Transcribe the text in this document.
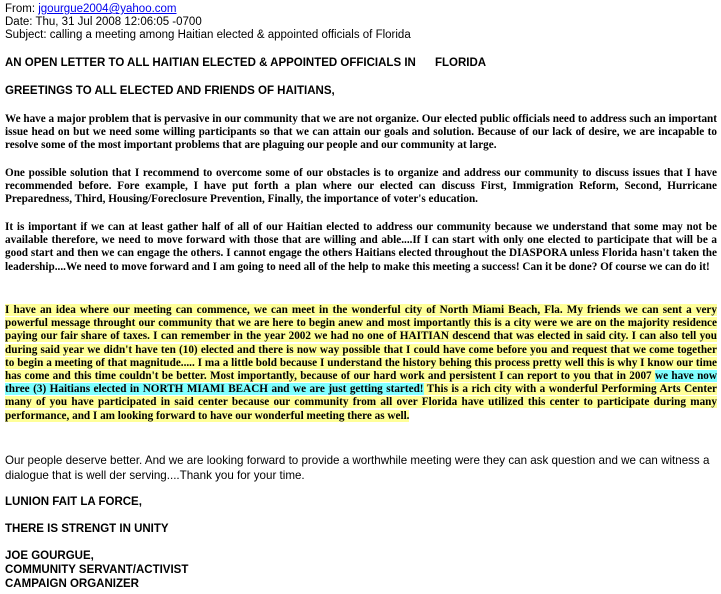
From: jgourgue2004@yahoo.com
Date: Thu, 31 Jul 2008 12:06:05 -0700
Subject: calling a meeting among Haitian elected & appointed officials of Florida
AN OPEN LETTER TO ALL HAITIAN ELECTED & APPOINTED OFFICIALS IN      FLORIDA
GREETINGS TO ALL ELECTED AND FRIENDS OF HAITIANS,
We have a major problem that is pervasive in our community that we are not organize. Our elected public officials need to address such an important issue head on but we need some willing participants so that we can attain our goals and solution. Because of our lack of desire, we are incapable to resolve some of the most important problems that are plaguing our people and our community at large.
One possible solution that I recommend to overcome some of our obstacles is to organize and address our community to discuss issues that I have recommended before. Fore example, I have put forth a plan where our elected can discuss First, Immigration Reform, Second, Hurricane Preparedness, Third, Housing/Foreclosure Prevention, Finally, the importance of voter's education.
It is important if we can at least gather half of all of our Haitian elected to address our community because we understand that some may not be available therefore, we need to move forward with those that are willing and able....If I can start with only one elected to participate that will be a good start and then we can engage the others. I cannot engage the others Haitians elected throughout the DIASPORA unless Florida hasn't taken the leadership....We need to move forward and I am going to need all of the help to make this meeting a success! Can it be done? Of course we can do it!
I have an idea where our meeting can commence, we can meet in the wonderful city of North Miami Beach, Fla. My friends we can sent a very powerful message throught our community that we are here to begin anew and most importantly this is a city were we are on the majority residence paying our fair share of taxes. I can remember in the year 2002 we had no one of HAITIAN descend that was elected in said city. I can also tell you during said year we didn't have ten (10) elected and there is now way possible that I could have come before you and request that we come together to begin a meeting of that magnitude..... I ma a little bold because I understand the history behing this process pretty well this is why I know our time has come and this time couldn't be better. Most importantly, because of our hard work and persistent I can report to you that in 2007 we have now three (3) Haitians elected in NORTH MIAMI BEACH and we are just getting started! This is a rich city with a wonderful Performing Arts Center many of you have participated in said center because our community from all over Florida have utilized this center to participate during many performance, and I am looking forward to have our wonderful meeting there as well.
Our people deserve better. And we are looking forward to provide a worthwhile meeting were they can ask question and we can witness a dialogue that is well der serving....Thank you for your time.
LUNION FAIT LA FORCE,
THERE IS STRENGT IN UNITY
JOE GOURGUE,
COMMUNITY SERVANT/ACTIVIST
CAMPAIGN ORGANIZER
